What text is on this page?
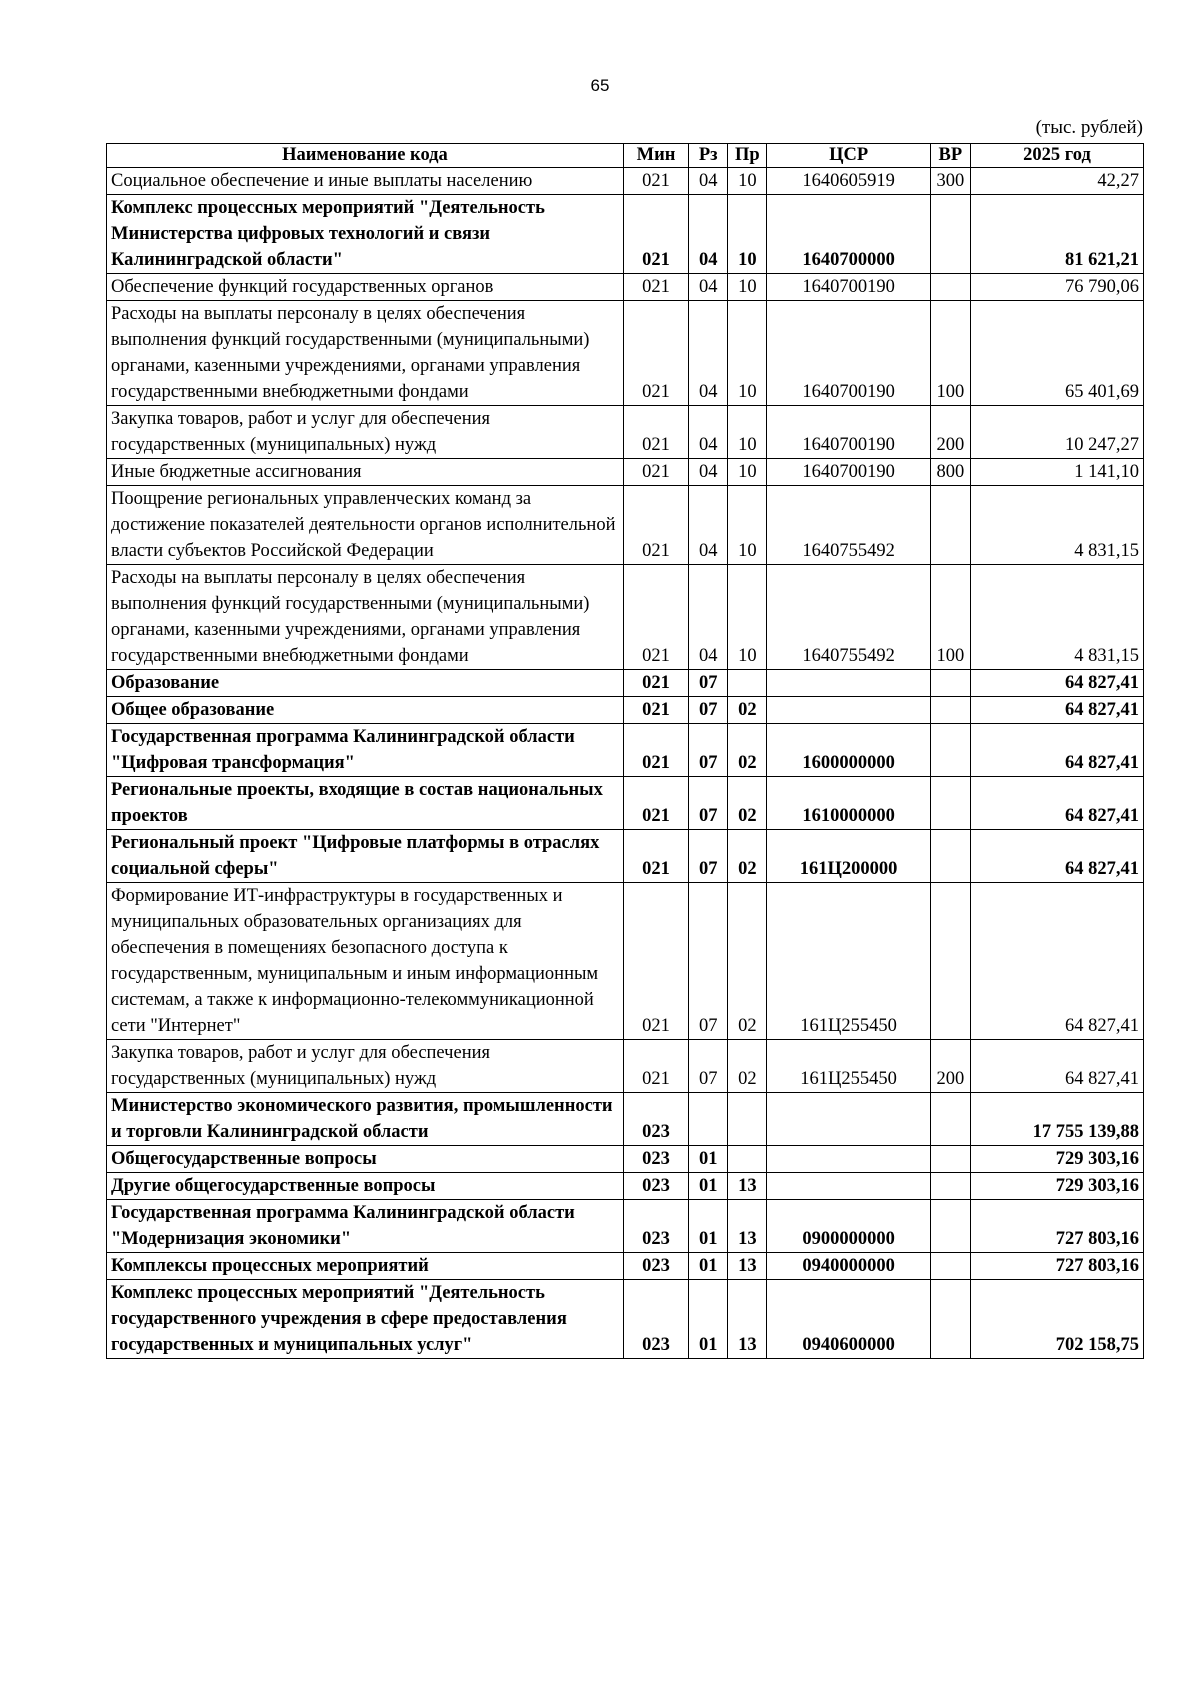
65
(тыс. рублей)
Наименование кода	Мин	Рз	Пр	ЦСР	ВР	2025 год
Социальное обеспечение и иные выплаты населению	021	04	10	1640605919	300	42,27
Комплекс процессных мероприятий "Деятельность Министерства цифровых технологий и связи Калининградской области"	021	04	10	1640700000		81 621,21
Обеспечение функций государственных органов	021	04	10	1640700190		76 790,06
Расходы на выплаты персоналу в целях обеспечения выполнения функций государственными (муниципальными) органами, казенными учреждениями, органами управления государственными внебюджетными фондами	021	04	10	1640700190	100	65 401,69
Закупка товаров, работ и услуг для обеспечения государственных (муниципальных) нужд	021	04	10	1640700190	200	10 247,27
Иные бюджетные ассигнования	021	04	10	1640700190	800	1 141,10
Поощрение региональных управленческих команд за достижение показателей деятельности органов исполнительной власти субъектов Российской Федерации	021	04	10	1640755492		4 831,15
Расходы на выплаты персоналу в целях обеспечения выполнения функций государственными (муниципальными) органами, казенными учреждениями, органами управления государственными внебюджетными фондами	021	04	10	1640755492	100	4 831,15
Образование	021	07				64 827,41
Общее образование	021	07	02			64 827,41
Государственная программа Калининградской области "Цифровая трансформация"	021	07	02	1600000000		64 827,41
Региональные проекты, входящие в состав национальных проектов	021	07	02	1610000000		64 827,41
Региональный проект "Цифровые платформы в отраслях социальной сферы"	021	07	02	161Ц200000		64 827,41
Формирование ИТ-инфраструктуры в государственных и муниципальных образовательных организациях для обеспечения в помещениях безопасного доступа к государственным, муниципальным и иным информационным системам, а также к информационно-телекоммуникационной сети "Интернет"	021	07	02	161Ц255450		64 827,41
Закупка товаров, работ и услуг для обеспечения государственных (муниципальных) нужд	021	07	02	161Ц255450	200	64 827,41
Министерство экономического развития, промышленности и торговли Калининградской области	023					17 755 139,88
Общегосударственные вопросы	023	01				729 303,16
Другие общегосударственные вопросы	023	01	13			729 303,16
Государственная программа Калининградской области "Модернизация экономики"	023	01	13	0900000000		727 803,16
Комплексы процессных мероприятий	023	01	13	0940000000		727 803,16
Комплекс процессных мероприятий "Деятельность государственного учреждения в сфере предоставления государственных и муниципальных услуг"	023	01	13	0940600000		702 158,75
